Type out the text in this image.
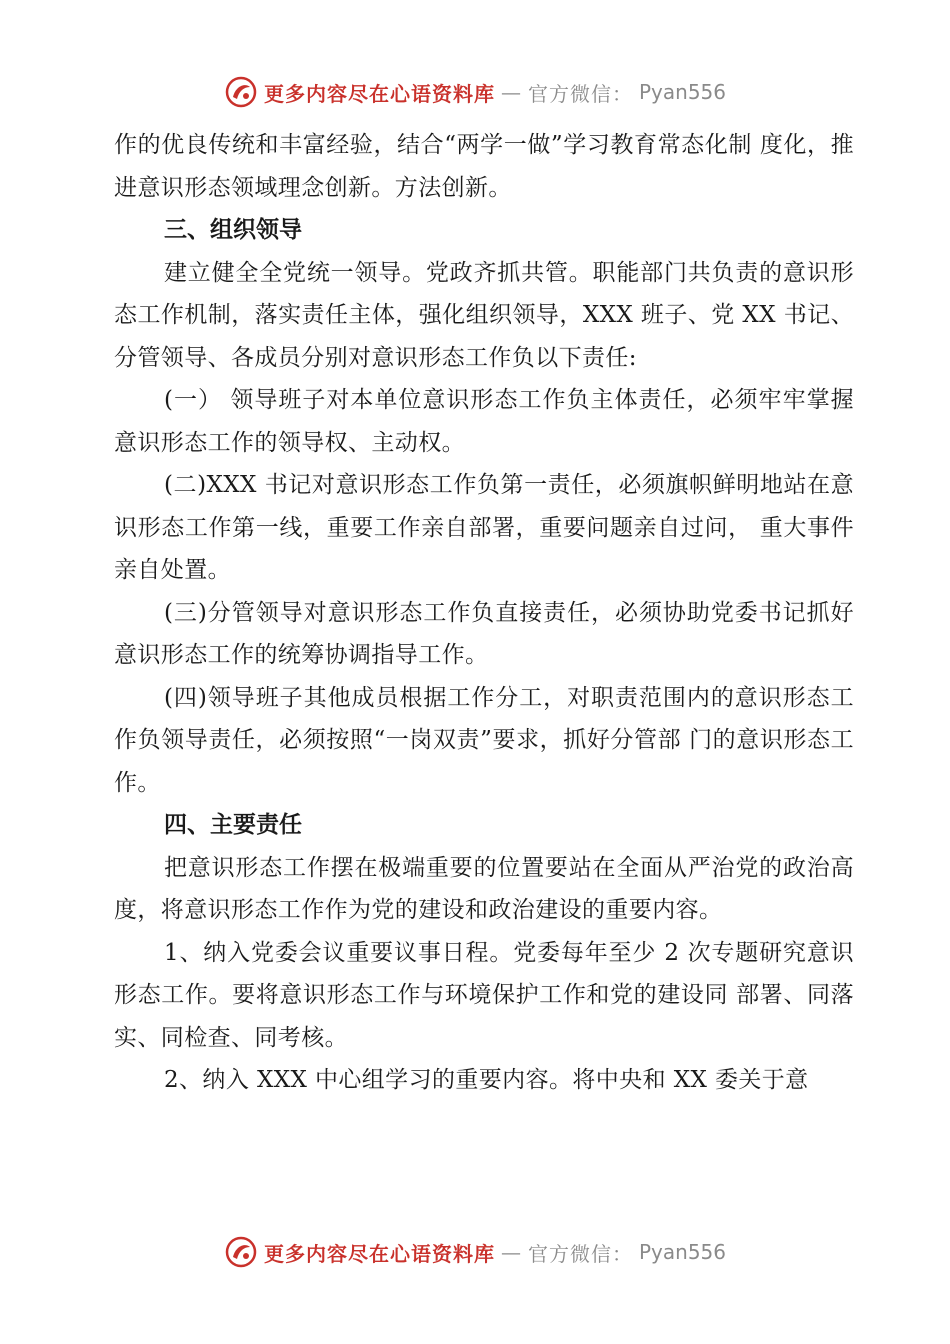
更多内容尽在心语资料库 — 官方微信： Pyan556

作的优良传统和丰富经验，结合“两学一做”学习教育常态化制 度化，推进意识形态领域理念创新。方法创新。

三、组织领导

建立健全全党统一领导。党政齐抓共管。职能部门共负责的意识形态工作机制，落实责任主体，强化组织领导，XXX 班子、党 XX 书记、分管领导、各成员分别对意识形态工作负以下责任:

(一） 领导班子对本单位意识形态工作负主体责任，必须牢牢掌握意识形态工作的领导权、主动权。

(二)XXX 书记对意识形态工作负第一责任，必须旗帜鲜明地站在意识形态工作第一线，重要工作亲自部署，重要问题亲自过问， 重大事件亲自处置。

(三)分管领导对意识形态工作负直接责任，必须协助党委书记抓好意识形态工作的统筹协调指导工作。

(四)领导班子其他成员根据工作分工，对职责范围内的意识形态工作负领导责任，必须按照“一岗双责”要求，抓好分管部 门的意识形态工作。

四、主要责任

把意识形态工作摆在极端重要的位置要站在全面从严治党的政治高度，将意识形态工作作为党的建设和政治建设的重要内容。

1、纳入党委会议重要议事日程。党委每年至少 2 次专题研究意识形态工作。要将意识形态工作与环境保护工作和党的建设同 部署、同落实、同检查、同考核。

2、纳入 XXX 中心组学习的重要内容。将中央和 XX 委关于意

更多内容尽在心语资料库 — 官方微信： Pyan556
